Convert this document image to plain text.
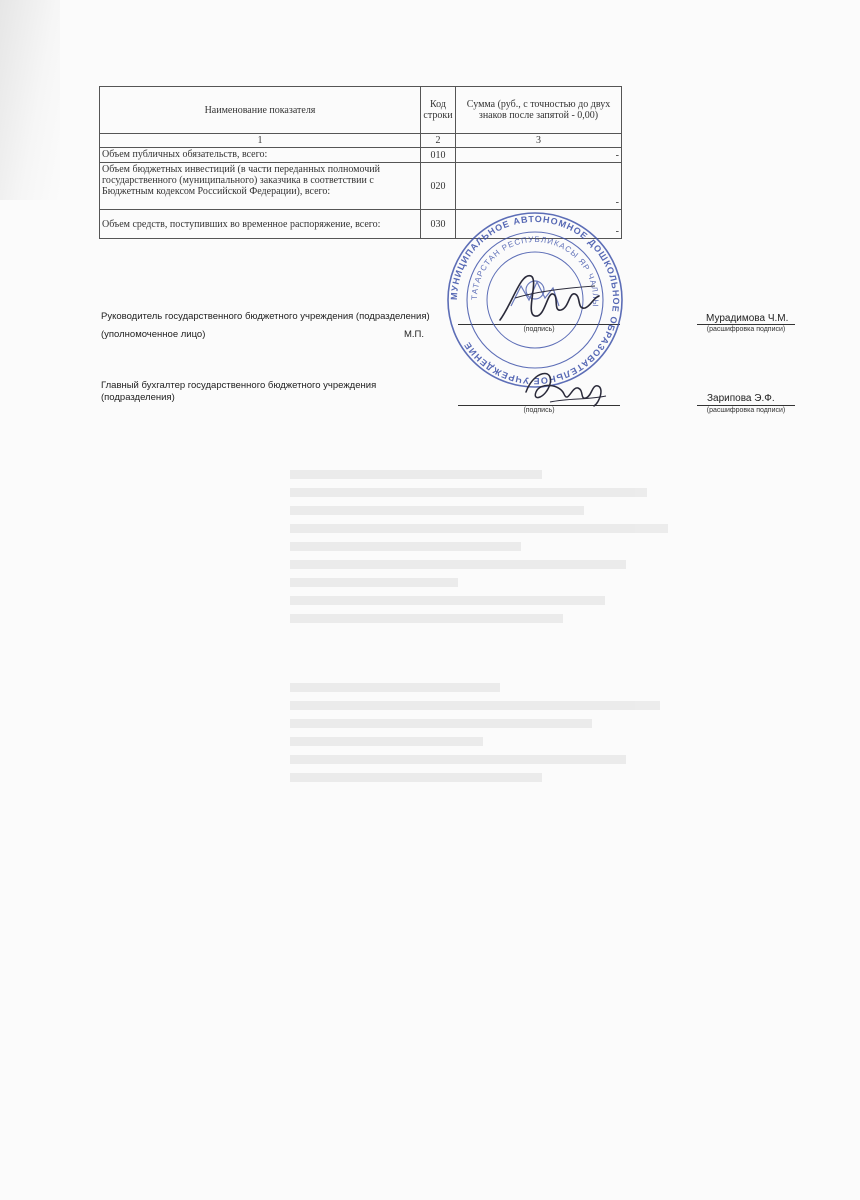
Наименование показателя	Код строки	Сумма (руб., с точностью до двух знаков после запятой - 0,00)
1	2	3
Объем публичных обязательств, всего:	010	-
Объем бюджетных инвестиций (в части переданных полномочий государственного (муниципального) заказчика в соответствии с Бюджетным кодексом Российской Федерации), всего:	020	-
Объем средств, поступивших во временное распоряжение, всего:	030	-
Руководитель государственного бюджетного учреждения (подразделения)
(уполномоченное лицо)	М.П.	(подпись)
Мурадимова Ч.М.
(расшифровка подписи)
Главный бухгалтер государственного бюджетного учреждения
(подразделения)
(подпись)
Зарипова Э.Ф.
(расшифровка подписи)
МУНИЦИПАЛЬНОЕ АВТОНОМНОЕ ДОШКОЛЬНОЕ ОБРАЗОВАТЕЛЬНОЕ УЧРЕЖДЕНИЕ
ТАТАРСТАН РЕСПУБЛИКАСЫ ЯР ЧАЛЛЫ
